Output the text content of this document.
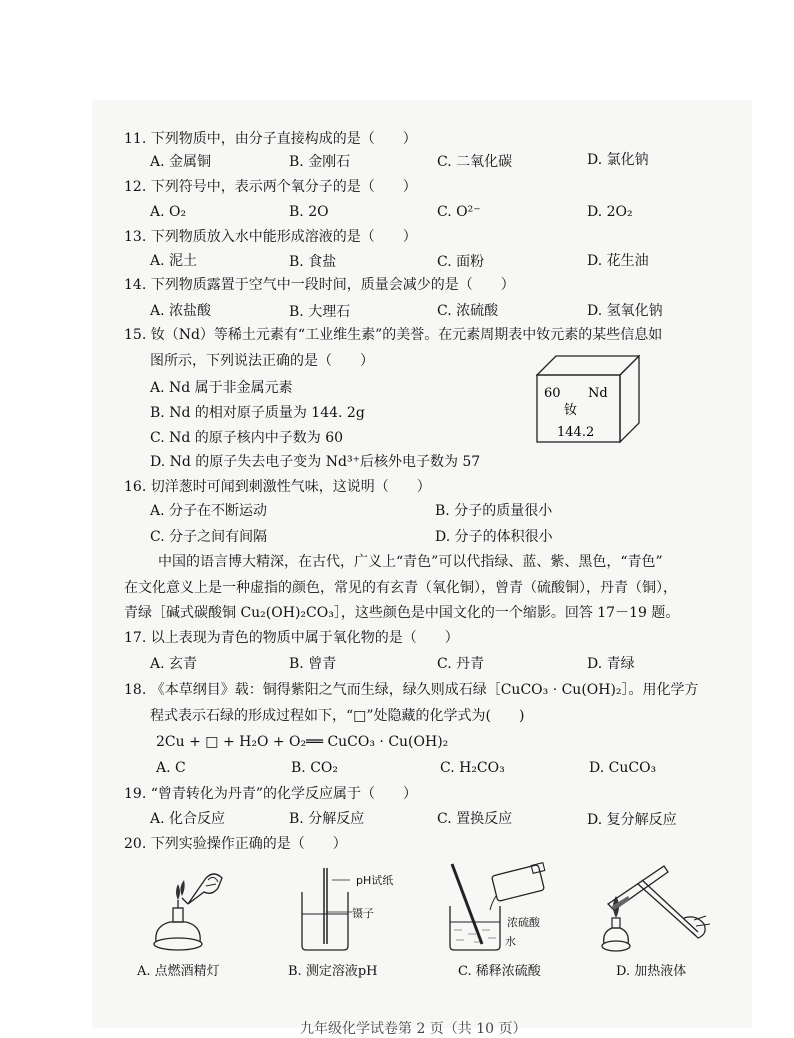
11. 下列物质中，由分子直接构成的是（　　）
A. 金属铜	B. 金刚石	C. 二氧化碳	D. 氯化钠
12. 下列符号中，表示两个氧分子的是（　　）
A. O₂	B. 2O	C. O²⁻	D. 2O₂
13. 下列物质放入水中能形成溶液的是（　　）
A. 泥土	B. 食盐	C. 面粉	D. 花生油
14. 下列物质露置于空气中一段时间，质量会减少的是（　　）
A. 浓盐酸	B. 大理石	C. 浓硫酸	D. 氢氧化钠
15. 钕（Nd）等稀土元素有“工业维生素”的美誉。在元素周期表中钕元素的某些信息如
图所示，下列说法正确的是（　　）
A. Nd 属于非金属元素
B. Nd 的相对原子质量为 144. 2g
C. Nd 的原子核内中子数为 60
D. Nd 的原子失去电子变为 Nd³⁺后核外电子数为 57
60 Nd
钕
144.2
16. 切洋葱时可闻到刺激性气味，这说明（　　）
A. 分子在不断运动	B. 分子的质量很小
C. 分子之间有间隔	D. 分子的体积很小
中国的语言博大精深，在古代，广义上“青色”可以代指绿、蓝、紫、黑色，“青色”
在文化意义上是一种虚指的颜色，常见的有玄青（氧化铜），曾青（硫酸铜），丹青（铜），
青绿［碱式碳酸铜 Cu₂(OH)₂CO₃］，这些颜色是中国文化的一个缩影。回答 17－19 题。
17. 以上表现为青色的物质中属于氧化物的是（　　）
A. 玄青	B. 曾青	C. 丹青	D. 青绿
18. 《本草纲目》载：铜得紫阳之气而生绿，绿久则成石绿［CuCO₃ · Cu(OH)₂］。用化学方
程式表示石绿的形成过程如下，“□”处隐藏的化学式为(　　)
2Cu + □ + H₂O + O₂══ CuCO₃ · Cu(OH)₂
A. C	B. CO₂	C. H₂CO₃	D. CuCO₃
19. “曾青转化为丹青”的化学反应属于（　　）
A. 化合反应	B. 分解反应	C. 置换反应	D. 复分解反应
20. 下列实验操作正确的是（　　）
A. 点燃酒精灯
pH试纸
镊子
B. 测定溶液pH
浓硫酸
水
C. 稀释浓硫酸	D. 加热液体
九年级化学试卷第 2 页（共 10 页）
